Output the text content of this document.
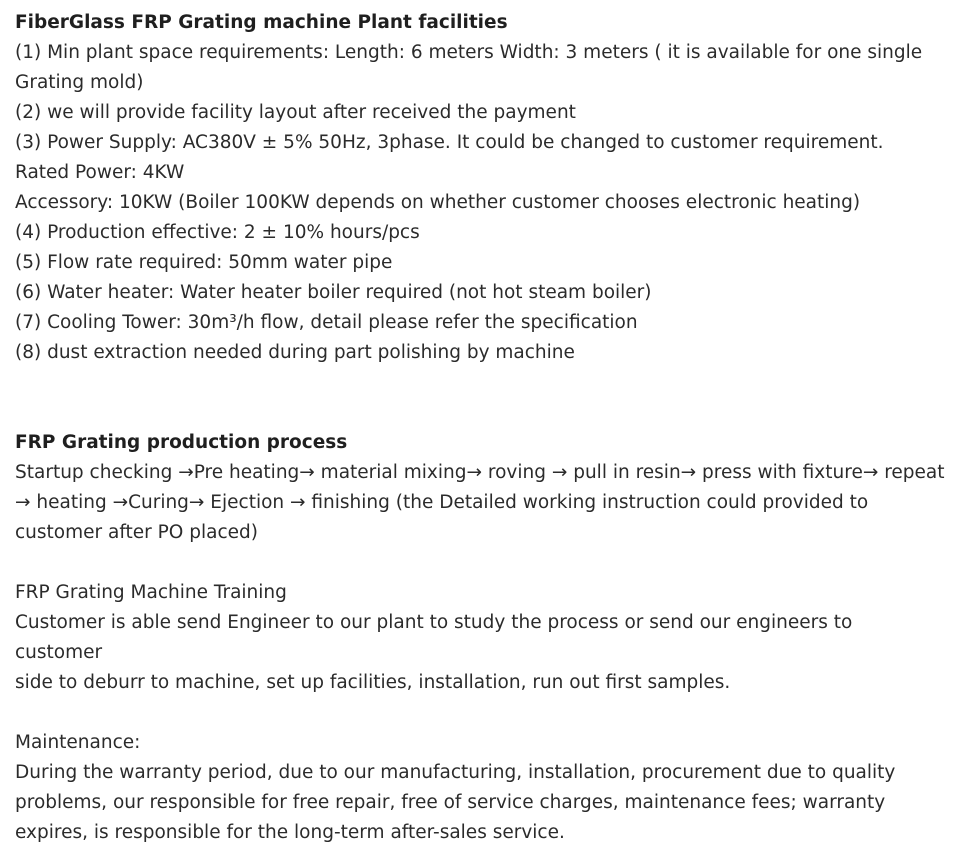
FiberGlass FRP Grating machine Plant facilities
(1) Min plant space requirements: Length: 6 meters Width: 3 meters ( it is available for one single Grating mold)
(2) we will provide facility layout after received the payment
(3) Power Supply: AC380V ± 5% 50Hz, 3phase. It could be changed to customer requirement.
Rated Power: 4KW
Accessory: 10KW (Boiler 100KW depends on whether customer chooses electronic heating)
(4) Production effective: 2 ± 10% hours/pcs
(5) Flow rate required: 50mm water pipe
(6) Water heater: Water heater boiler required (not hot steam boiler)
(7) Cooling Tower: 30m³/h flow, detail please refer the specification
(8) dust extraction needed during part polishing by machine
FRP Grating production process
Startup checking →Pre heating→ material mixing→ roving → pull in resin→ press with fixture→ repeat → heating →Curing→ Ejection → finishing (the Detailed working instruction could provided to customer after PO placed)
FRP Grating Machine Training
Customer is able send Engineer to our plant to study the process or send our engineers to customer
side to deburr to machine, set up facilities, installation, run out first samples.
Maintenance:
During the warranty period, due to our manufacturing, installation, procurement due to quality problems, our responsible for free repair, free of service charges, maintenance fees; warranty expires, is responsible for the long-term after-sales service.
